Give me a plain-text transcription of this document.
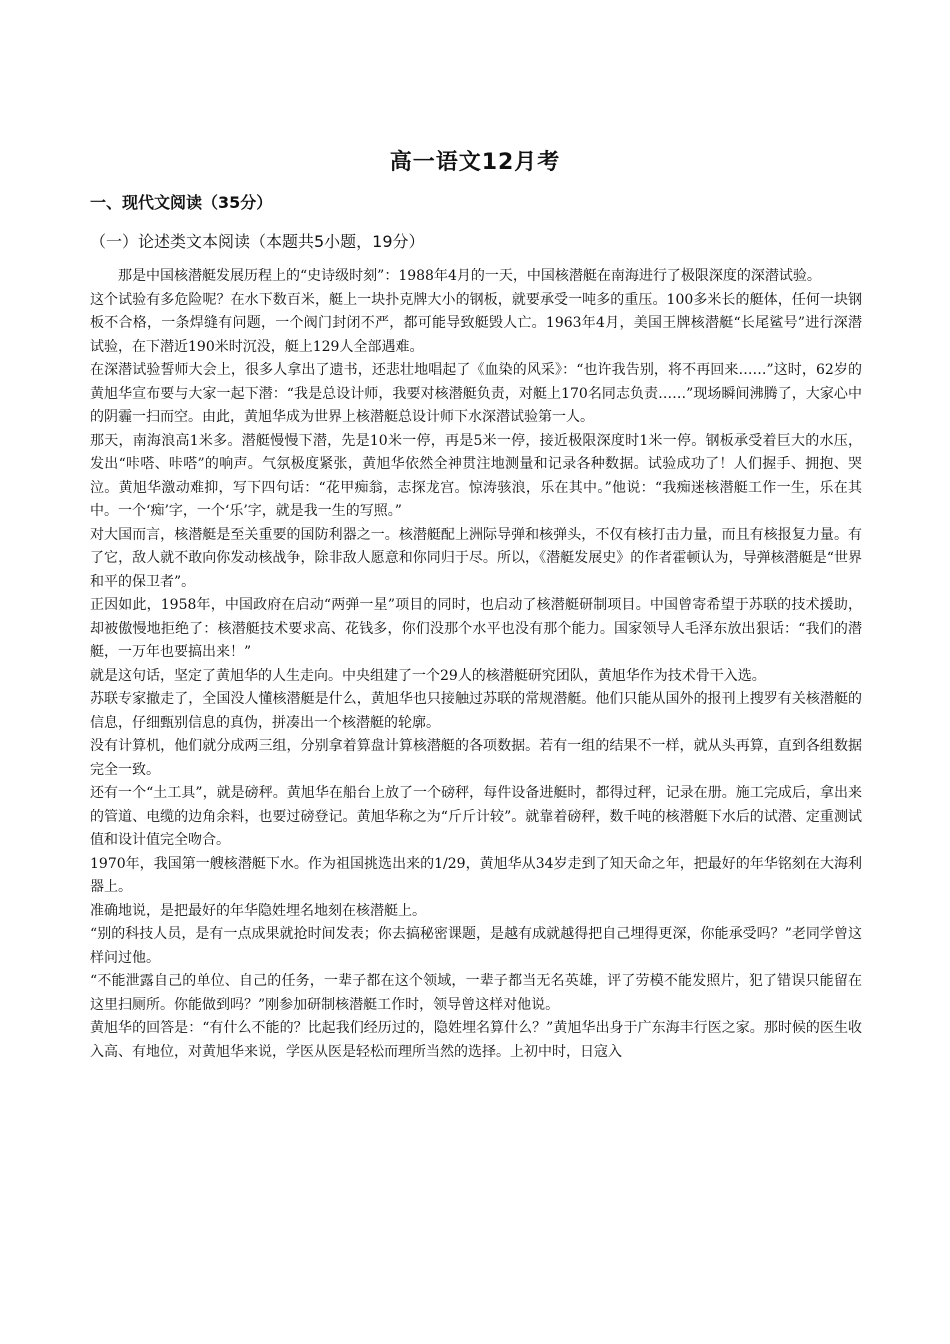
高一语文12月考
一、现代文阅读（35分）
（一）论述类文本阅读（本题共5小题，19分）

那是中国核潜艇发展历程上的“史诗级时刻”：1988年4月的一天，中国核潜艇在南海进行了极限深度的深潜试验。

这个试验有多危险呢？在水下数百米，艇上一块扑克牌大小的钢板，就要承受一吨多的重压。100多米长的艇体，任何一块钢板不合格，一条焊缝有问题，一个阀门封闭不严，都可能导致艇毁人亡。1963年4月，美国王牌核潜艇“长尾鲨号”进行深潜试验，在下潜近190米时沉没，艇上129人全部遇难。

在深潜试验誓师大会上，很多人拿出了遗书，还悲壮地唱起了《血染的风采》：“也许我告别，将不再回来……”这时，62岁的黄旭华宣布要与大家一起下潜：“我是总设计师，我要对核潜艇负责，对艇上170名同志负责……”现场瞬间沸腾了，大家心中的阴霾一扫而空。由此，黄旭华成为世界上核潜艇总设计师下水深潜试验第一人。

那天，南海浪高1米多。潜艇慢慢下潜，先是10米一停，再是5米一停，接近极限深度时1米一停。钢板承受着巨大的水压，发出“咔嗒、咔嗒”的响声。气氛极度紧张，黄旭华依然全神贯注地测量和记录各种数据。试验成功了！人们握手、拥抱、哭泣。黄旭华激动难抑，写下四句话：“花甲痴翁，志探龙宫。惊涛骇浪，乐在其中。”他说：“我痴迷核潜艇工作一生，乐在其中。一个‘痴’字，一个‘乐’字，就是我一生的写照。”

对大国而言，核潜艇是至关重要的国防利器之一。核潜艇配上洲际导弹和核弹头，不仅有核打击力量，而且有核报复力量。有了它，敌人就不敢向你发动核战争，除非敌人愿意和你同归于尽。所以，《潜艇发展史》的作者霍顿认为，导弹核潜艇是“世界和平的保卫者”。

正因如此，1958年，中国政府在启动“两弹一星”项目的同时，也启动了核潜艇研制项目。中国曾寄希望于苏联的技术援助，却被傲慢地拒绝了：核潜艇技术要求高、花钱多，你们没那个水平也没有那个能力。国家领导人毛泽东放出狠话：“我们的潜艇，一万年也要搞出来！”

就是这句话，坚定了黄旭华的人生走向。中央组建了一个29人的核潜艇研究团队，黄旭华作为技术骨干入选。

苏联专家撤走了，全国没人懂核潜艇是什么，黄旭华也只接触过苏联的常规潜艇。他们只能从国外的报刊上搜罗有关核潜艇的信息，仔细甄别信息的真伪，拼凑出一个核潜艇的轮廓。

没有计算机，他们就分成两三组，分别拿着算盘计算核潜艇的各项数据。若有一组的结果不一样，就从头再算，直到各组数据完全一致。

还有一个“土工具”，就是磅秤。黄旭华在船台上放了一个磅秤，每件设备进艇时，都得过秤，记录在册。施工完成后，拿出来的管道、电缆的边角余料，也要过磅登记。黄旭华称之为“斤斤计较”。就靠着磅秤，数千吨的核潜艇下水后的试潜、定重测试值和设计值完全吻合。

1970年，我国第一艘核潜艇下水。作为祖国挑选出来的1/29，黄旭华从34岁走到了知天命之年，把最好的年华铭刻在大海利器上。

准确地说，是把最好的年华隐姓埋名地刻在核潜艇上。

“别的科技人员，是有一点成果就抢时间发表；你去搞秘密课题，是越有成就越得把自己埋得更深，你能承受吗？”老同学曾这样问过他。

“不能泄露自己的单位、自己的任务，一辈子都在这个领域，一辈子都当无名英雄，评了劳模不能发照片，犯了错误只能留在这里扫厕所。你能做到吗？”刚参加研制核潜艇工作时，领导曾这样对他说。

黄旭华的回答是：“有什么不能的？比起我们经历过的，隐姓埋名算什么？”黄旭华出身于广东海丰行医之家。那时候的医生收入高、有地位，对黄旭华来说，学医从医是轻松而理所当然的选择。上初中时，日寇入
